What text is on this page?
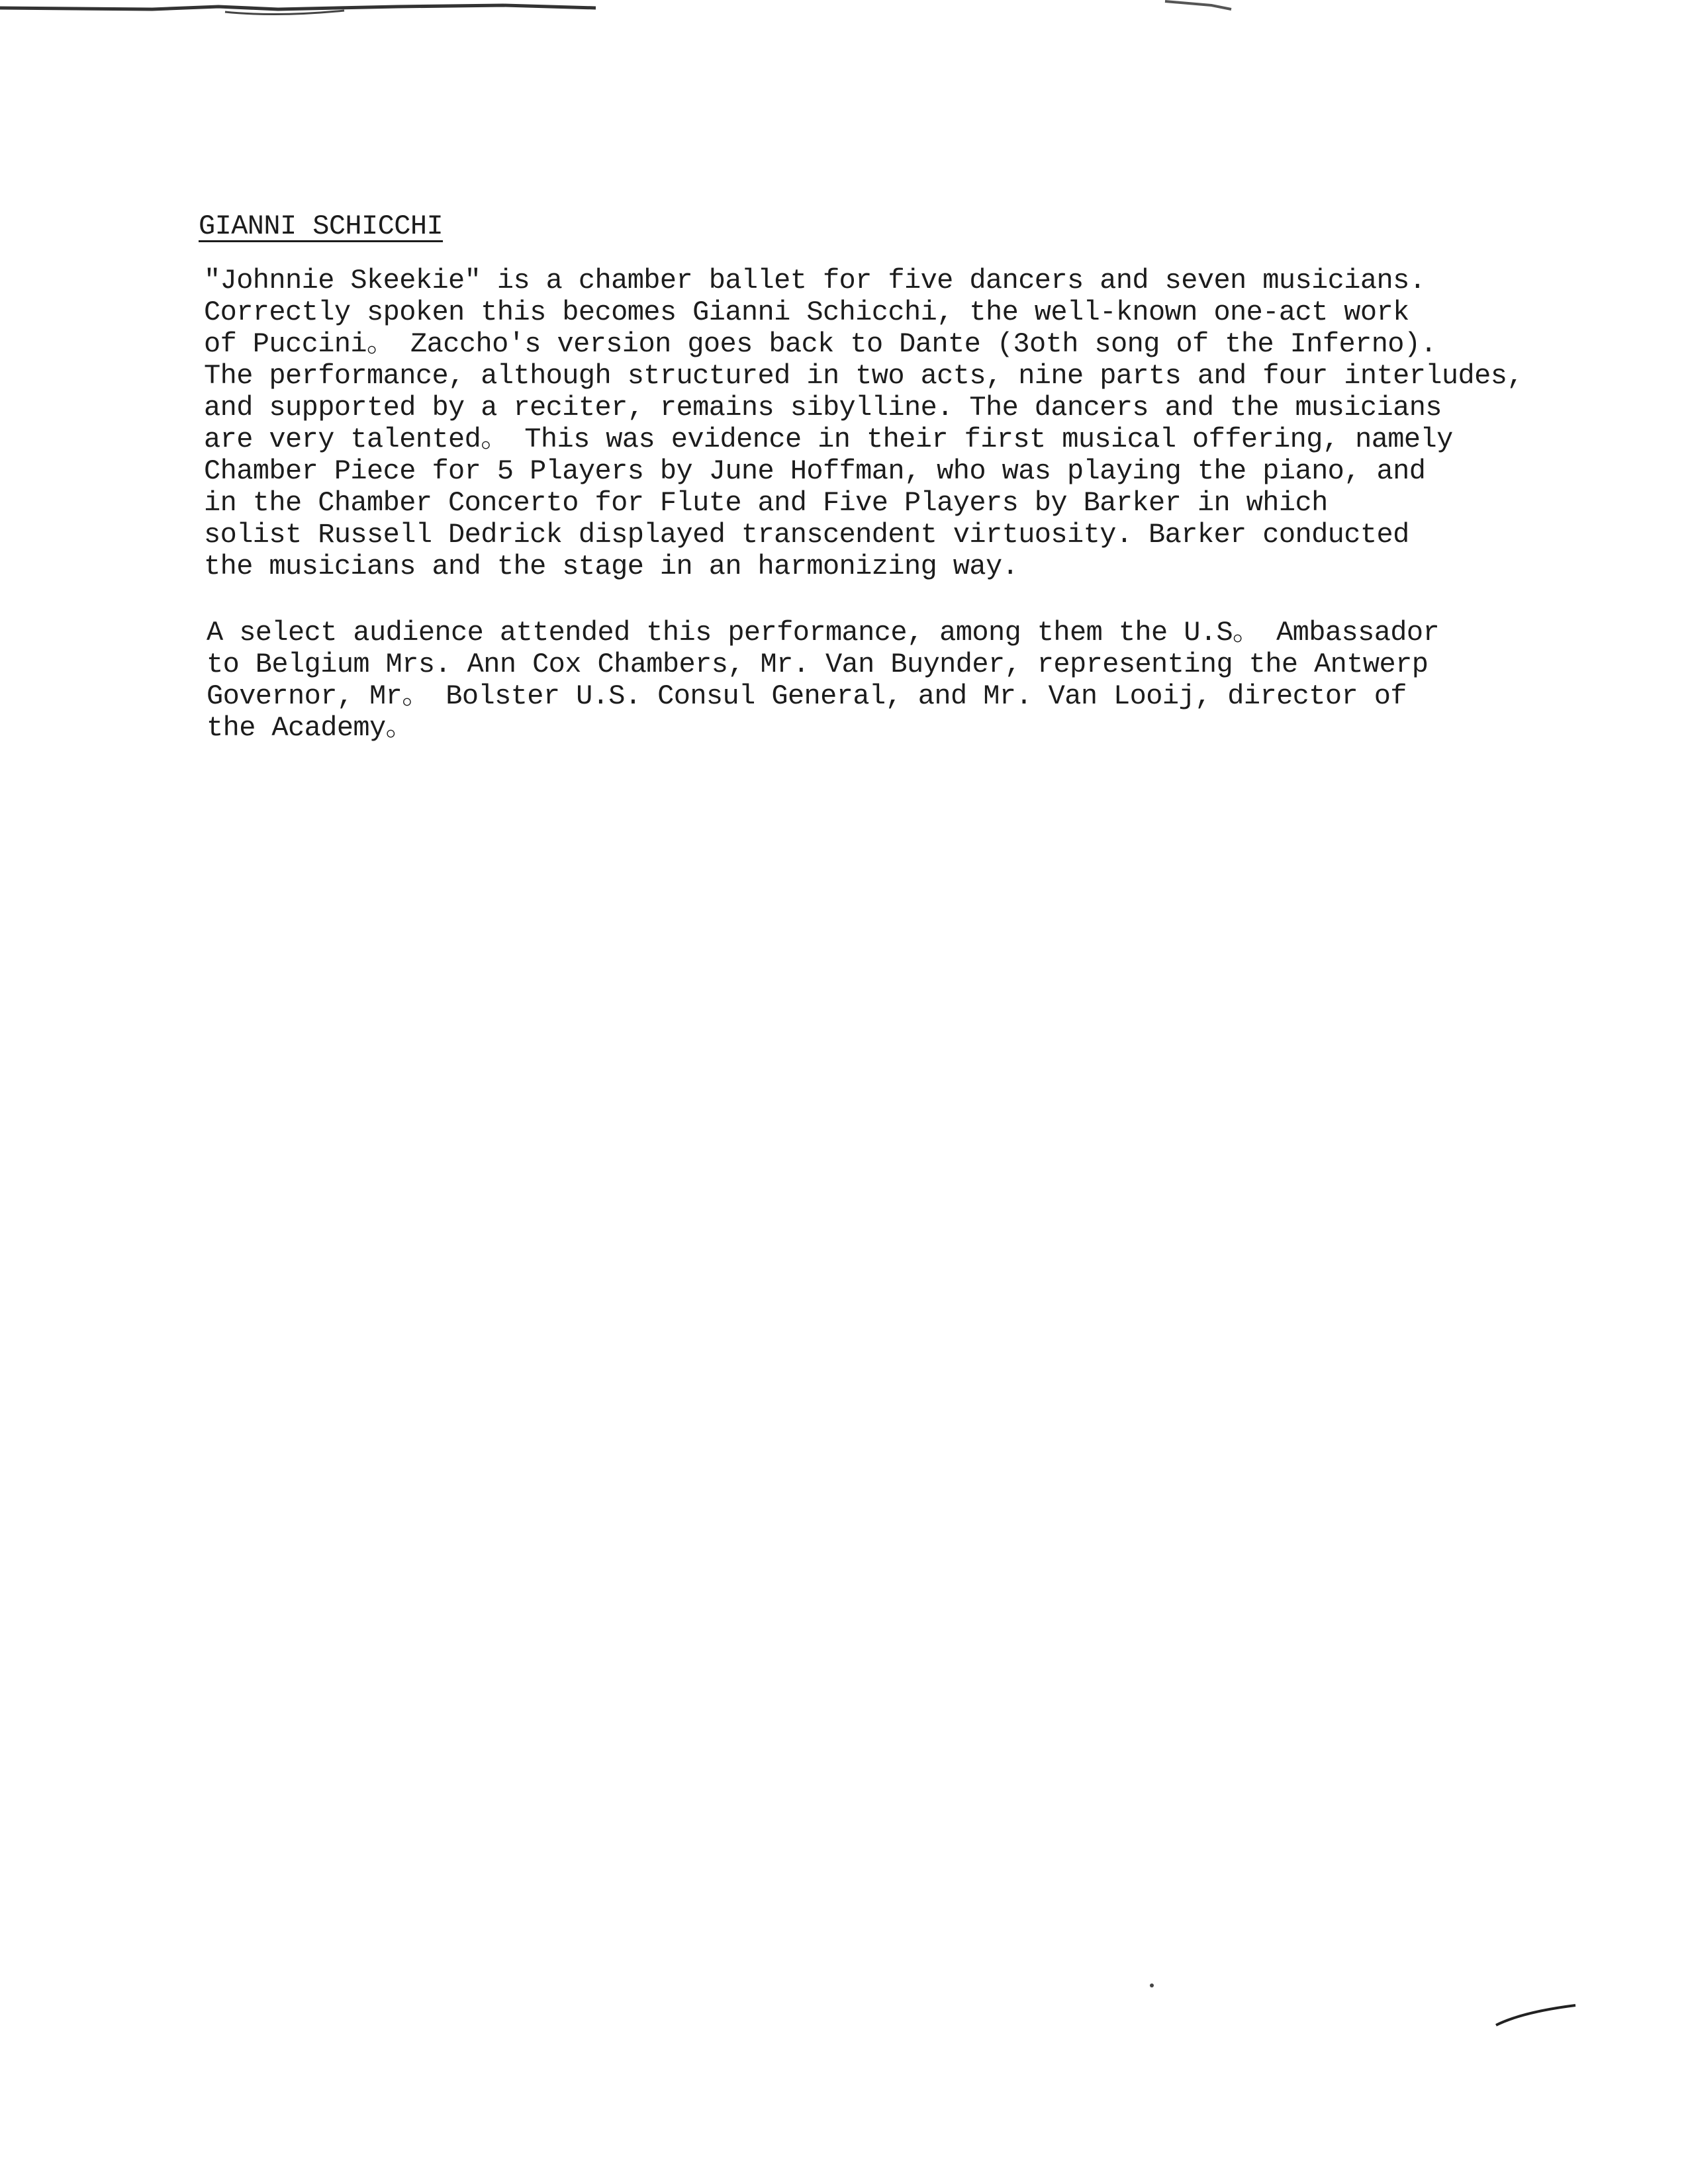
GIANNI SCHICCHI
"Johnnie Skeekie" is a chamber ballet for five dancers and seven musicians.
Correctly spoken this becomes Gianni Schicchi, the well-known one-act work
of Puccini。 Zaccho's version goes back to Dante (3oth song of the Inferno).
The performance, although structured in two acts, nine parts and four interludes,
and supported by a reciter, remains sibylline. The dancers and the musicians
are very talented。 This was evidence in their first musical offering, namely
Chamber Piece for 5 Players by June Hoffman, who was playing the piano, and
in the Chamber Concerto for Flute and Five Players by Barker in which
solist Russell Dedrick displayed transcendent virtuosity. Barker conducted
the musicians and the stage in an harmonizing way.
A select audience attended this performance, among them the U.S。 Ambassador
to Belgium Mrs. Ann Cox Chambers, Mr. Van Buynder, representing the Antwerp
Governor, Mr。 Bolster U.S. Consul General, and Mr. Van Looij, director of
the Academy。
